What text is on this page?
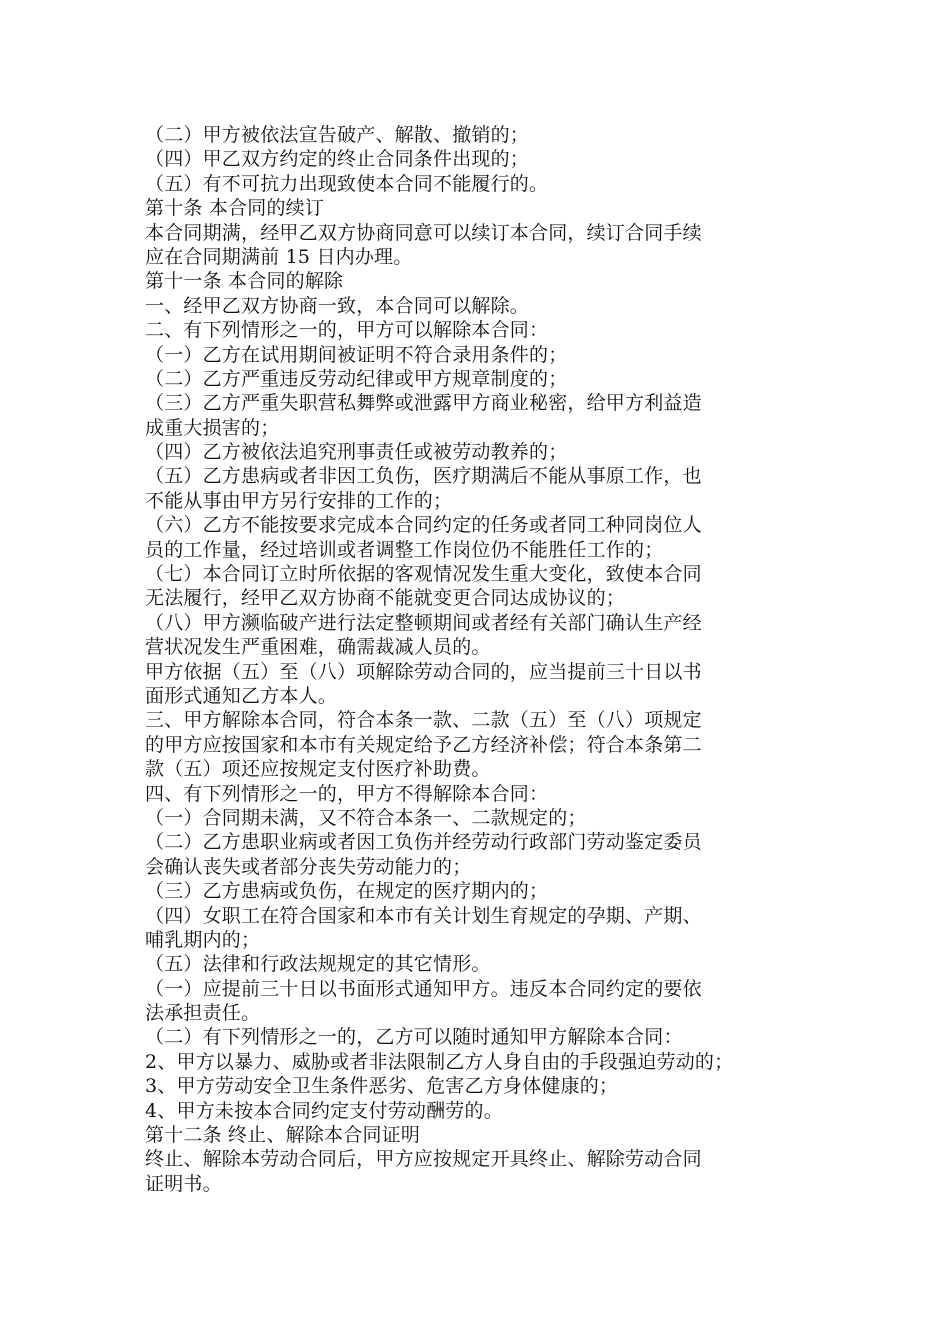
（二）甲方被依法宣告破产、解散、撤销的；
（四）甲乙双方约定的终止合同条件出现的；
（五）有不可抗力出现致使本合同不能履行的。
第十条 本合同的续订
本合同期满，经甲乙双方协商同意可以续订本合同，续订合同手续
应在合同期满前 15 日内办理。
第十一条 本合同的解除
一、经甲乙双方协商一致，本合同可以解除。
二、有下列情形之一的，甲方可以解除本合同：
（一）乙方在试用期间被证明不符合录用条件的；
（二）乙方严重违反劳动纪律或甲方规章制度的；
（三）乙方严重失职营私舞弊或泄露甲方商业秘密，给甲方利益造
成重大损害的；
（四）乙方被依法追究刑事责任或被劳动教养的；
（五）乙方患病或者非因工负伤，医疗期满后不能从事原工作，也
不能从事由甲方另行安排的工作的；
（六）乙方不能按要求完成本合同约定的任务或者同工种同岗位人
员的工作量，经过培训或者调整工作岗位仍不能胜任工作的；
（七）本合同订立时所依据的客观情况发生重大变化，致使本合同
无法履行，经甲乙双方协商不能就变更合同达成协议的；
（八）甲方濒临破产进行法定整顿期间或者经有关部门确认生产经
营状况发生严重困难，确需裁减人员的。
甲方依据（五）至（八）项解除劳动合同的，应当提前三十日以书
面形式通知乙方本人。
三、甲方解除本合同，符合本条一款、二款（五）至（八）项规定
的甲方应按国家和本市有关规定给予乙方经济补偿；符合本条第二
款（五）项还应按规定支付医疗补助费。
四、有下列情形之一的，甲方不得解除本合同：
（一）合同期未满，又不符合本条一、二款规定的；
（二）乙方患职业病或者因工负伤并经劳动行政部门劳动鉴定委员
会确认丧失或者部分丧失劳动能力的；
（三）乙方患病或负伤，在规定的医疗期内的；
（四）女职工在符合国家和本市有关计划生育规定的孕期、产期、
哺乳期内的；
（五）法律和行政法规规定的其它情形。
（一）应提前三十日以书面形式通知甲方。违反本合同约定的要依
法承担责任。
（二）有下列情形之一的，乙方可以随时通知甲方解除本合同：
2、甲方以暴力、威胁或者非法限制乙方人身自由的手段强迫劳动的；
3、甲方劳动安全卫生条件恶劣、危害乙方身体健康的；
4、甲方未按本合同约定支付劳动酬劳的。
第十二条 终止、解除本合同证明
终止、解除本劳动合同后，甲方应按规定开具终止、解除劳动合同
证明书。
